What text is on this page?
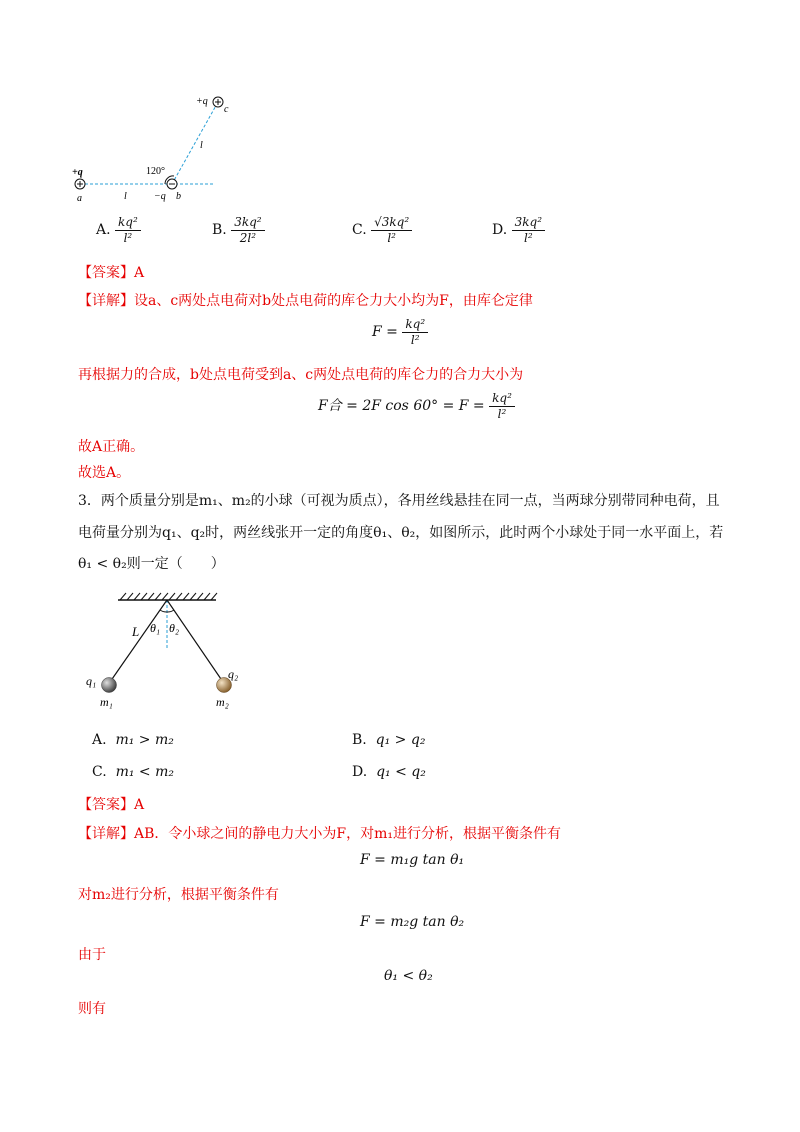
+q
c
l
120°
+q
a	l	−q b
A. $\frac{\text{kq²}}{\text{l²}}$	B. $\frac{\text{3kq²}}{\text{2l²}}$	C. $\frac{\text{√3kq²}}{\text{l²}}$	D. $\frac{\text{3kq²}}{\text{l²}}$
【答案】A
【详解】设a、c两处点电荷对b处点电荷的库仑力大小均为F，由库仑定律
$F = \frac{\text{kq²}}{\text{l²}}$
再根据力的合成，b处点电荷受到a、c两处点电荷的库仑力的合力大小为
F合 = 2F $\cos 60^\circ = F = \frac{\text{kq²}}{\text{l²}}$
故A正确。
故选A。
3．两个质量分别是m₁、m₂的小球（可视为质点），各用丝线悬挂在同一点，当两球分别带同种电荷，且
电荷量分别为q₁、q₂时，两丝线张开一定的角度θ₁、θ₂，如图所示，此时两个小球处于同一水平面上，若
θ₁ < θ₂则一定（　　）
L θ₁ θ₂
q₁
m₁
q₂
m₂
A. m₁ > m₂	B. q₁ > q₂
C. m₁ < m₂	D. q₁ < q₂
【答案】A
【详解】AB．令小球之间的静电力大小为F，对m₁进行分析，根据平衡条件有
F = m₁g tan θ₁
对m₂进行分析，根据平衡条件有
F = m₂g tan θ₂
由于
θ₁ < θ₂
则有
